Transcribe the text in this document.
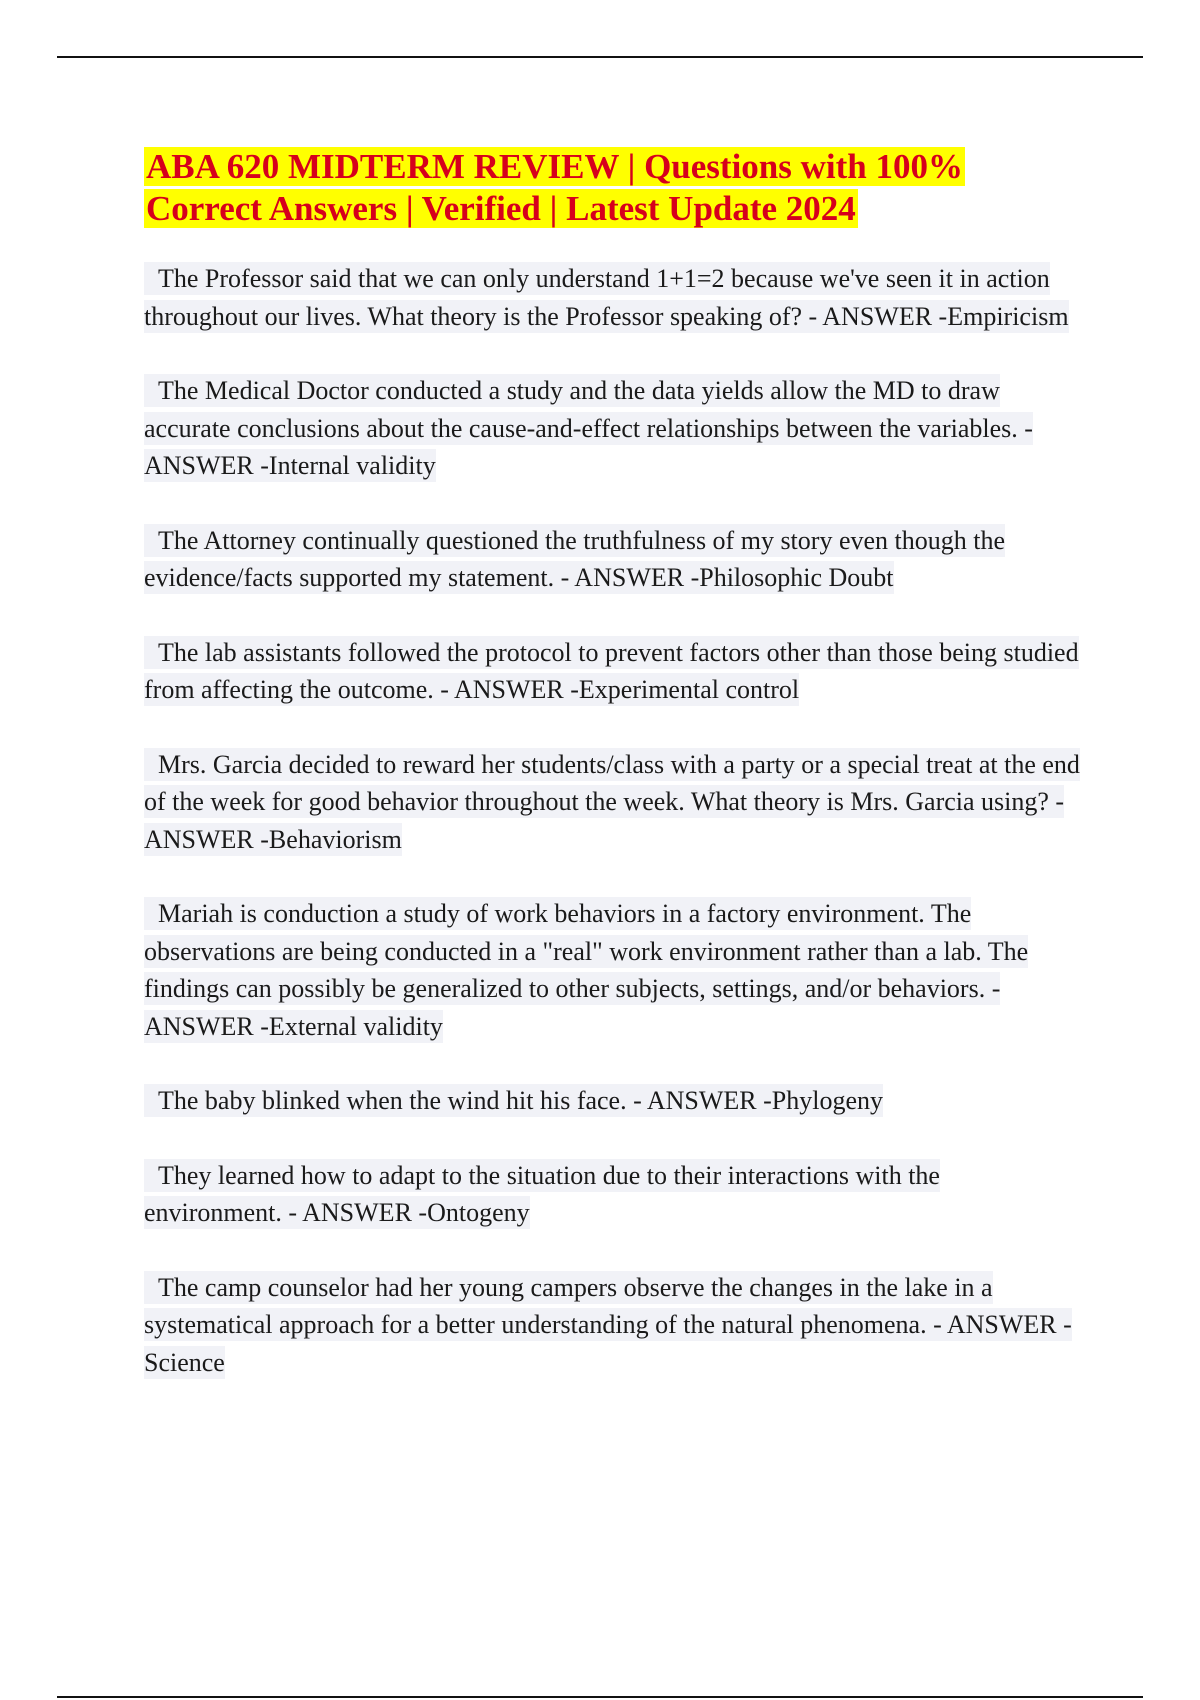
ABA 620 MIDTERM REVIEW | Questions with 100% Correct Answers | Verified | Latest Update 2024
The Professor said that we can only understand 1+1=2 because we've seen it in action throughout our lives. What theory is the Professor speaking of? - ANSWER -Empiricism
The Medical Doctor conducted a study and the data yields allow the MD to draw accurate conclusions about the cause-and-effect relationships between the variables. - ANSWER -Internal validity
The Attorney continually questioned the truthfulness of my story even though the evidence/facts supported my statement. - ANSWER -Philosophic Doubt
The lab assistants followed the protocol to prevent factors other than those being studied from affecting the outcome. - ANSWER -Experimental control
Mrs. Garcia decided to reward her students/class with a party or a special treat at the end of the week for good behavior throughout the week. What theory is Mrs. Garcia using? - ANSWER -Behaviorism
Mariah is conduction a study of work behaviors in a factory environment. The observations are being conducted in a "real" work environment rather than a lab. The findings can possibly be generalized to other subjects, settings, and/or behaviors. - ANSWER -External validity
The baby blinked when the wind hit his face. - ANSWER -Phylogeny
They learned how to adapt to the situation due to their interactions with the environment. - ANSWER -Ontogeny
The camp counselor had her young campers observe the changes in the lake in a systematical approach for a better understanding of the natural phenomena. - ANSWER -Science
